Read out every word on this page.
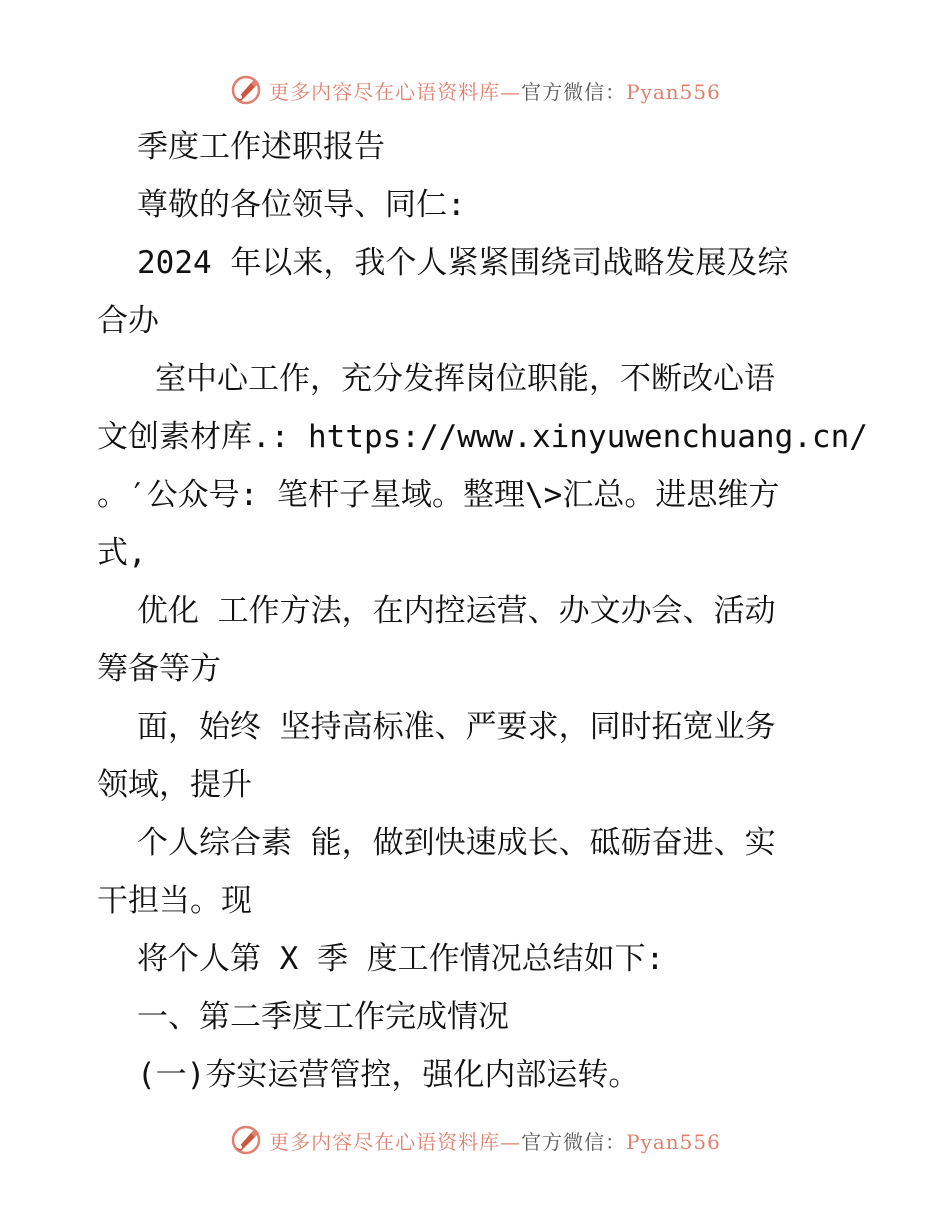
更多内容尽在心语资料库—官方微信：Pyan556
季度工作述职报告
尊敬的各位领导、同仁:
2024 年以来，我个人紧紧围绕司战略发展及综
合办
室中心工作，充分发挥岗位职能，不断改心语
文创素材库.: https://www.xinyuwenchuang.cn/
。′公众号: 笔杆子星域。整理\>汇总。进思维方
式,
优化 工作方法，在内控运营、办文办会、活动
筹备等方
面，始终 坚持高标准、严要求，同时拓宽业务
领域，提升
个人综合素 能，做到快速成长、砥砺奋进、实
干担当。现
将个人第 X 季 度工作情况总结如下:
一、第二季度工作完成情况
(一)夯实运营管控，强化内部运转。
更多内容尽在心语资料库—官方微信：Pyan556
